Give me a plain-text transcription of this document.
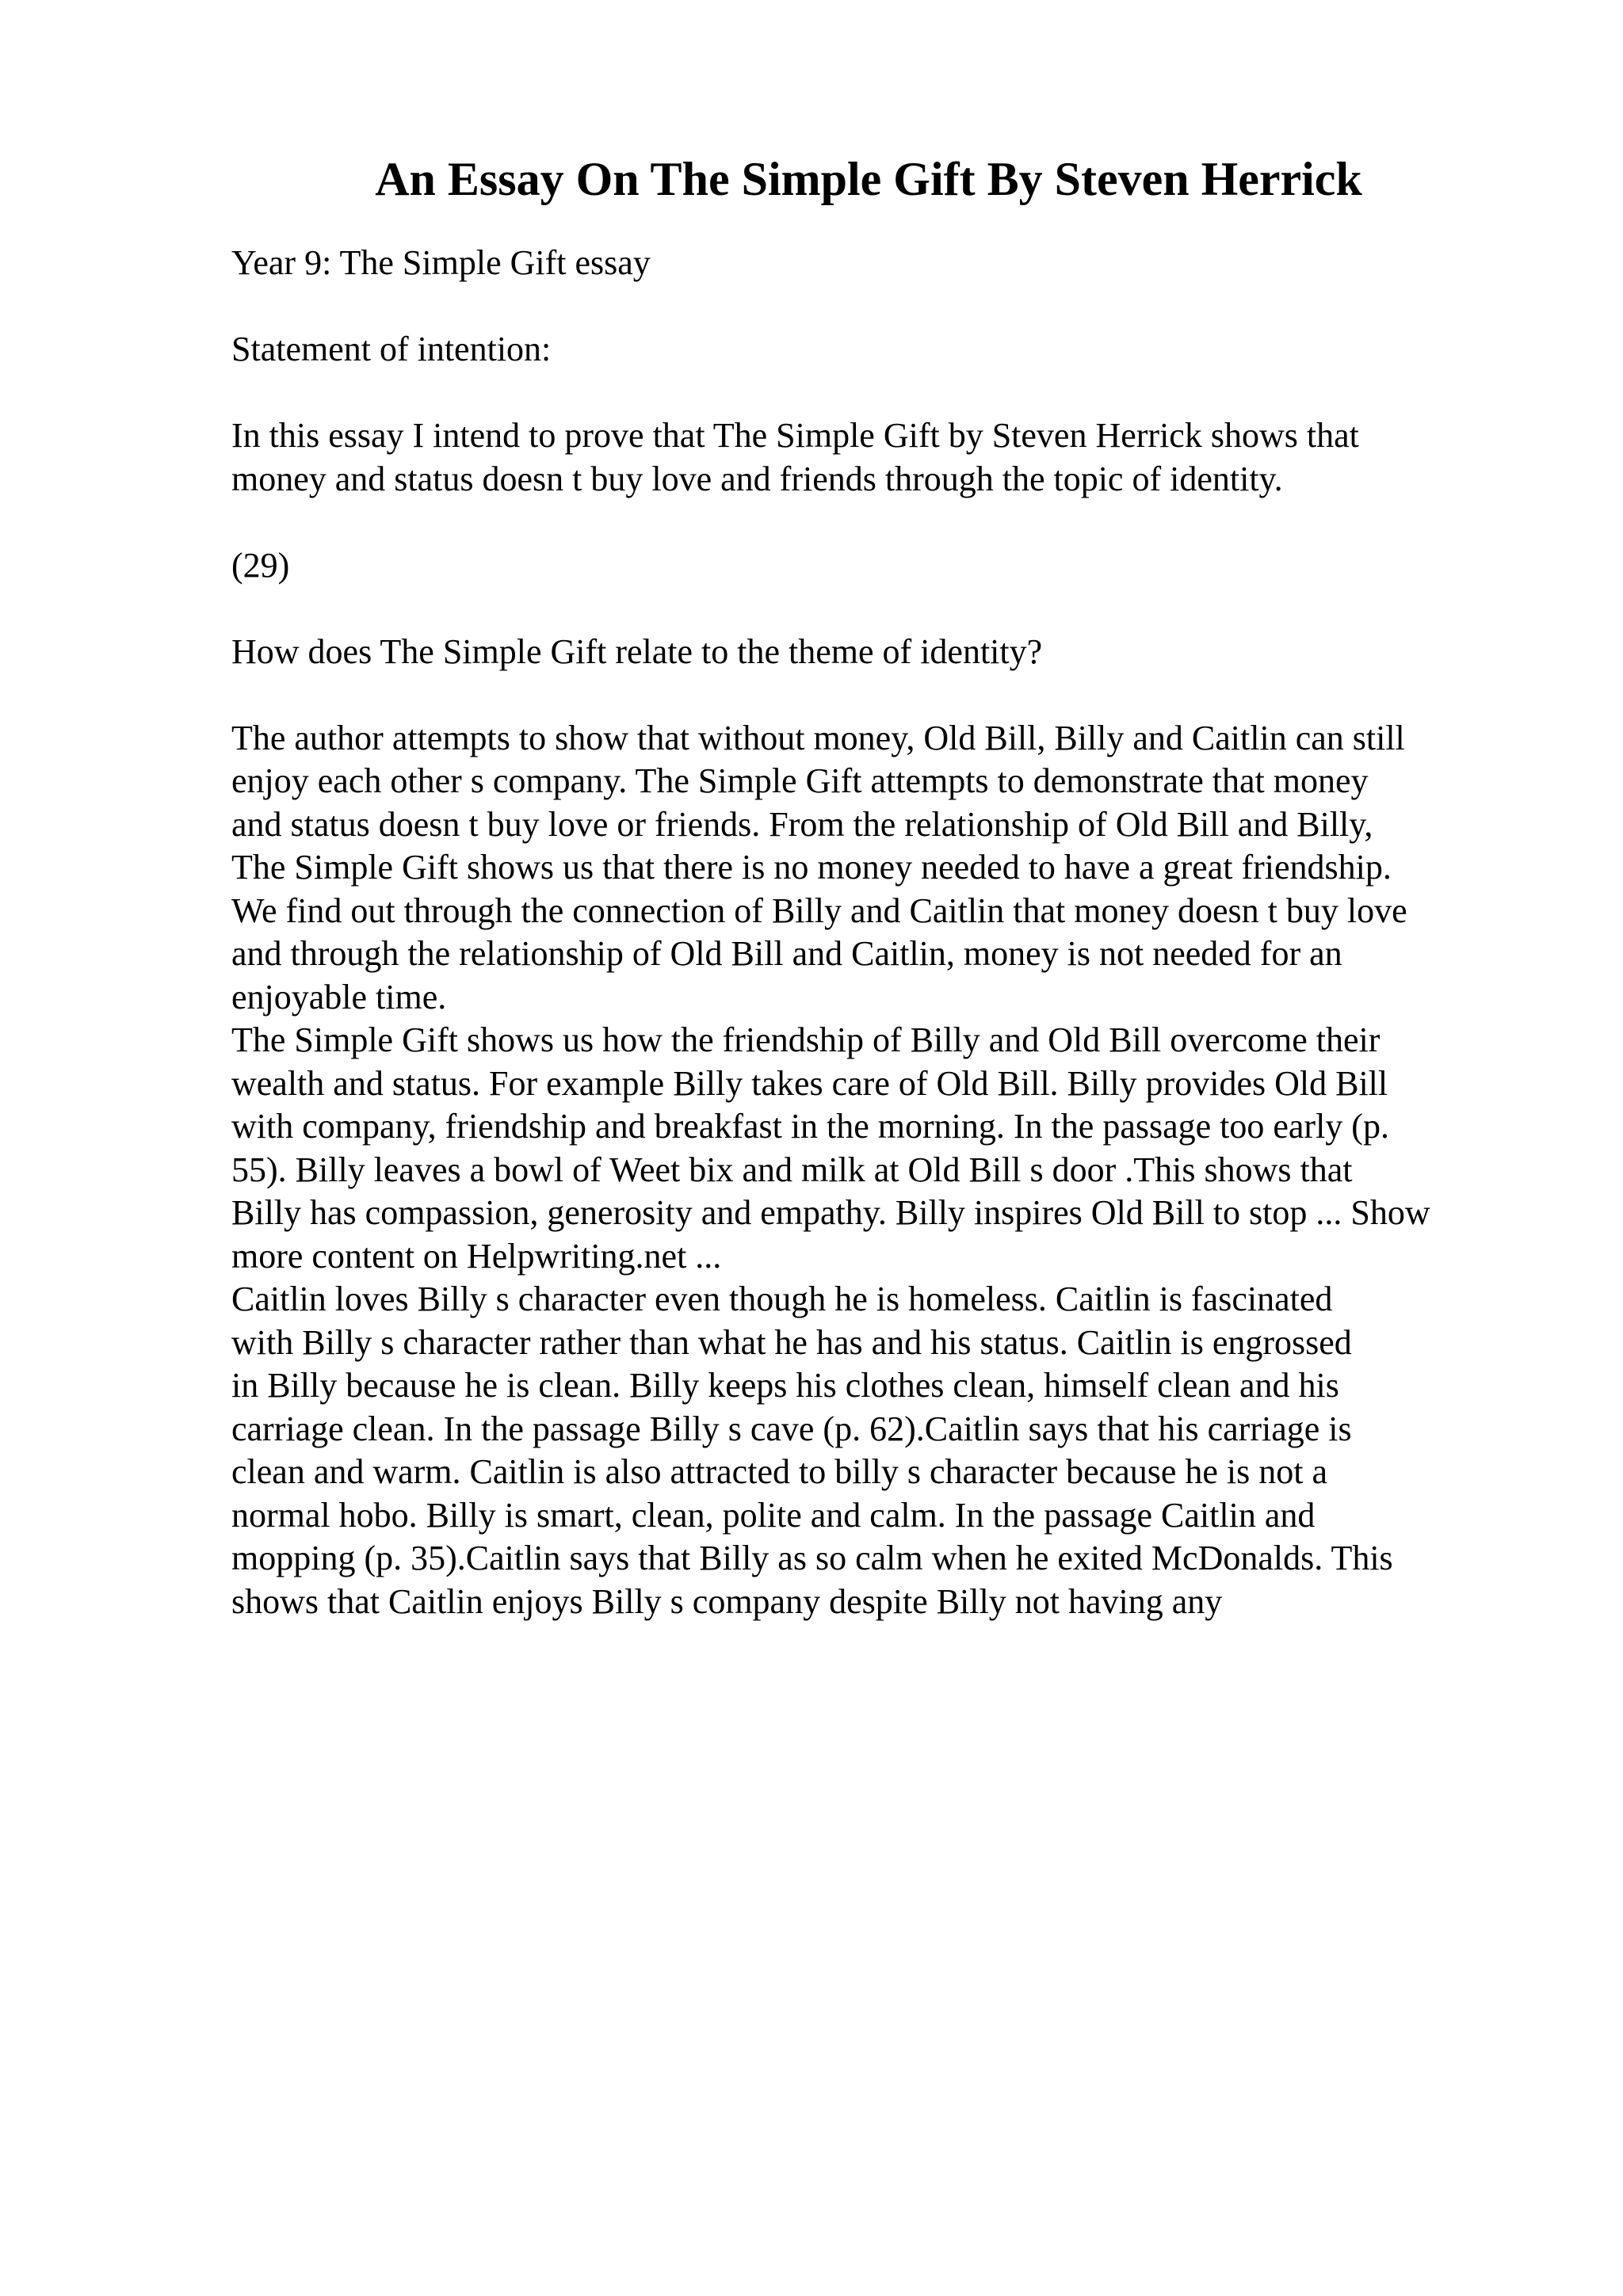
An Essay On The Simple Gift By Steven Herrick

Year 9: The Simple Gift essay

Statement of intention:

In this essay I intend to prove that The Simple Gift by Steven Herrick shows that
money and status doesn t buy love and friends through the topic of identity.

(29)

How does The Simple Gift relate to the theme of identity?

The author attempts to show that without money, Old Bill, Billy and Caitlin can still
enjoy each other s company. The Simple Gift attempts to demonstrate that money
and status doesn t buy love or friends. From the relationship of Old Bill and Billy,
The Simple Gift shows us that there is no money needed to have a great friendship.
We find out through the connection of Billy and Caitlin that money doesn t buy love
and through the relationship of Old Bill and Caitlin, money is not needed for an
enjoyable time.

The Simple Gift shows us how the friendship of Billy and Old Bill overcome their
wealth and status. For example Billy takes care of Old Bill. Billy provides Old Bill
with company, friendship and breakfast in the morning. In the passage too early (p.
55). Billy leaves a bowl of Weet bix and milk at Old Bill s door .This shows that
Billy has compassion, generosity and empathy. Billy inspires Old Bill to stop ... Show
more content on Helpwriting.net ...

Caitlin loves Billy s character even though he is homeless. Caitlin is fascinated
with Billy s character rather than what he has and his status. Caitlin is engrossed
in Billy because he is clean. Billy keeps his clothes clean, himself clean and his
carriage clean. In the passage Billy s cave (p. 62).Caitlin says that his carriage is
clean and warm. Caitlin is also attracted to billy s character because he is not a
normal hobo. Billy is smart, clean, polite and calm. In the passage Caitlin and
mopping (p. 35).Caitlin says that Billy as so calm when he exited McDonalds. This
shows that Caitlin enjoys Billy s company despite Billy not having any
